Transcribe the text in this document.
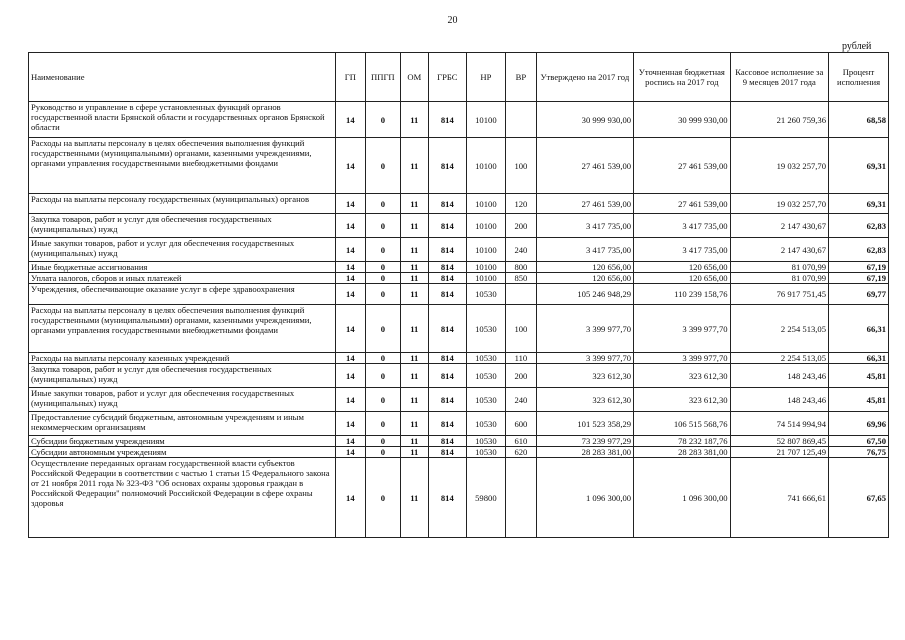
20
рублей
Наименование	ГП	ППГП	ОМ	ГРБС	НР	ВР	Утверждено на 2017 год	Уточненная бюджетная роспись на 2017 год	Кассовое исполнение за 9 месяцев 2017 года	Процент исполнения
Руководство и управление в сфере установленных функций органов государственной власти Брянской области и государственных органов Брянской области	14	0	11	814	10100		30 999 930,00	30 999 930,00	21 260 759,36	68,58
Расходы на выплаты персоналу в целях обеспечения выполнения функций государственными (муниципальными) органами, казенными учреждениями, органами управления государственными внебюджетными фондами	14	0	11	814	10100	100	27 461 539,00	27 461 539,00	19 032 257,70	69,31
Расходы на выплаты персоналу государственных (муниципальных) органов	14	0	11	814	10100	120	27 461 539,00	27 461 539,00	19 032 257,70	69,31
Закупка товаров, работ и услуг для обеспечения государственных (муниципальных) нужд	14	0	11	814	10100	200	3 417 735,00	3 417 735,00	2 147 430,67	62,83
Иные закупки товаров, работ и услуг для обеспечения государственных (муниципальных) нужд	14	0	11	814	10100	240	3 417 735,00	3 417 735,00	2 147 430,67	62,83
Иные бюджетные ассигнования	14	0	11	814	10100	800	120 656,00	120 656,00	81 070,99	67,19
Уплата налогов, сборов и иных платежей	14	0	11	814	10100	850	120 656,00	120 656,00	81 070,99	67,19
Учреждения, обеспечивающие оказание услуг в сфере здравоохранения	14	0	11	814	10530		105 246 948,29	110 239 158,76	76 917 751,45	69,77
Расходы на выплаты персоналу в целях обеспечения выполнения функций государственными (муниципальными) органами, казенными учреждениями, органами управления государственными внебюджетными фондами	14	0	11	814	10530	100	3 399 977,70	3 399 977,70	2 254 513,05	66,31
Расходы на выплаты персоналу казенных учреждений	14	0	11	814	10530	110	3 399 977,70	3 399 977,70	2 254 513,05	66,31
Закупка товаров, работ и услуг для обеспечения государственных (муниципальных) нужд	14	0	11	814	10530	200	323 612,30	323 612,30	148 243,46	45,81
Иные закупки товаров, работ и услуг для обеспечения государственных (муниципальных) нужд	14	0	11	814	10530	240	323 612,30	323 612,30	148 243,46	45,81
Предоставление субсидий бюджетным, автономным учреждениям и иным некоммерческим организациям	14	0	11	814	10530	600	101 523 358,29	106 515 568,76	74 514 994,94	69,96
Субсидии бюджетным учреждениям	14	0	11	814	10530	610	73 239 977,29	78 232 187,76	52 807 869,45	67,50
Субсидии автономным учреждениям	14	0	11	814	10530	620	28 283 381,00	28 283 381,00	21 707 125,49	76,75
Осуществление переданных органам государственной власти субъектов Российской Федерации в соответствии с частью 1 статьи 15 Федерального закона от 21 ноября 2011 года № 323-ФЗ "Об основах охраны здоровья граждан в Российской Федерации" полномочий Российской Федерации в сфере охраны здоровья	14	0	11	814	59800		1 096 300,00	1 096 300,00	741 666,61	67,65
